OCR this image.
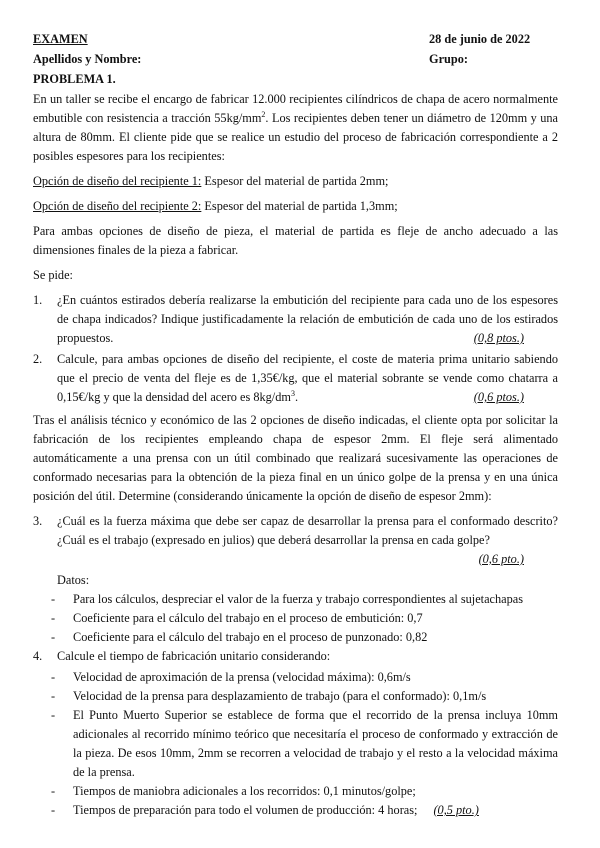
EXAMEN	28 de junio de 2022
Apellidos y Nombre:	Grupo:
PROBLEMA 1.

En un taller se recibe el encargo de fabricar 12.000 recipientes cilíndricos de chapa de acero normalmente embutible con resistencia a tracción $55kg/mm^2$. Los recipientes deben tener un diámetro de 120mm y una altura de 80mm. El cliente pide que se realice un estudio del proceso de fabricación correspondiente a 2 posibles espesores para los recipientes:

Opción de diseño del recipiente 1: Espesor del material de partida 2mm;

Opción de diseño del recipiente 2: Espesor del material de partida 1,3mm;

Para ambas opciones de diseño de pieza, el material de partida es fleje de ancho adecuado a las dimensiones finales de la pieza a fabricar.

Se pide:

1. ¿En cuántos estirados debería realizarse la embutición del recipiente para cada uno de los espesores de chapa indicados? Indique justificadamente la relación de embutición de cada uno de los estirados propuestos.	(0,8 ptos.)
2. Calcule, para ambas opciones de diseño del recipiente, el coste de materia prima unitario sabiendo que el precio de venta del fleje es de 1,35€/kg, que el material sobrante se vende como chatarra a 0,15€/kg y que la densidad del acero es $8kg/dm^3$.	(0,6 ptos.)

Tras el análisis técnico y económico de las 2 opciones de diseño indicadas, el cliente opta por solicitar la fabricación de los recipientes empleando chapa de espesor 2mm. El fleje será alimentado automáticamente a una prensa con un útil combinado que realizará sucesivamente las operaciones de conformado necesarias para la obtención de la pieza final en un único golpe de la prensa y en una única posición del útil. Determine (considerando únicamente la opción de diseño de espesor 2mm):

3. ¿Cuál es la fuerza máxima que debe ser capaz de desarrollar la prensa para el conformado descrito? ¿Cuál es el trabajo (expresado en julios) que deberá desarrollar la prensa en cada golpe?
(0,6 pto.)
Datos:
- Para los cálculos, despreciar el valor de la fuerza y trabajo correspondientes al sujetachapas
- Coeficiente para el cálculo del trabajo en el proceso de embutición: 0,7
- Coeficiente para el cálculo del trabajo en el proceso de punzonado: 0,82
4. Calcule el tiempo de fabricación unitario considerando:
- Velocidad de aproximación de la prensa (velocidad máxima): 0,6m/s
- Velocidad de la prensa para desplazamiento de trabajo (para el conformado): 0,1m/s
- El Punto Muerto Superior se establece de forma que el recorrido de la prensa incluya 10mm adicionales al recorrido mínimo teórico que necesitaría el proceso de conformado y extracción de la pieza. De esos 10mm, 2mm se recorren a velocidad de trabajo y el resto a la velocidad máxima de la prensa.
- Tiempos de maniobra adicionales a los recorridos: 0,1 minutos/golpe;
- Tiempos de preparación para todo el volumen de producción: 4 horas; (0,5 pto.)
